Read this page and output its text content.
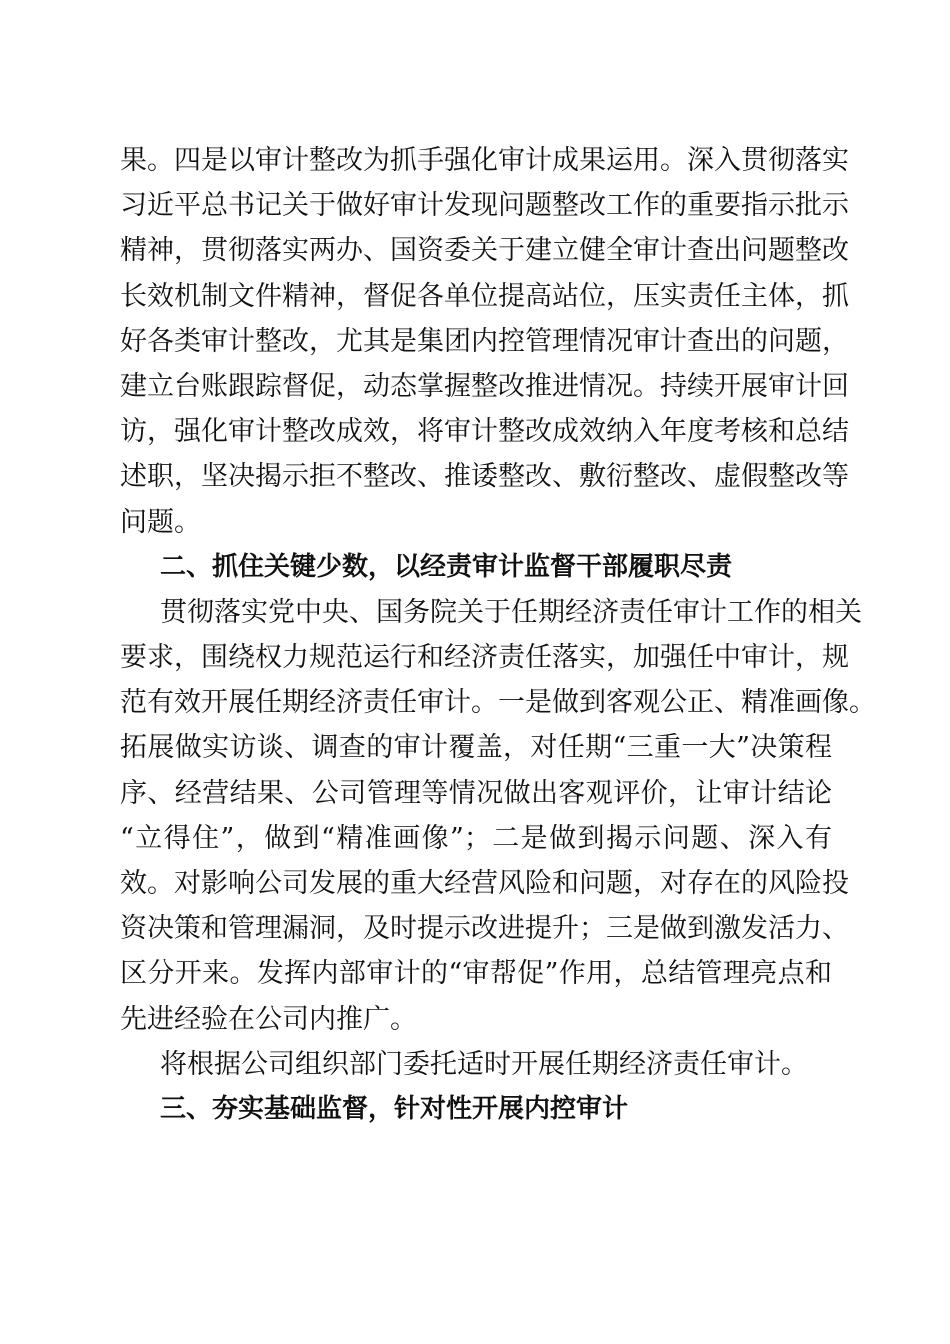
果。四是以审计整改为抓手强化审计成果运用。深入贯彻落实
习近平总书记关于做好审计发现问题整改工作的重要指示批示
精神，贯彻落实两办、国资委关于建立健全审计查出问题整改
长效机制文件精神，督促各单位提高站位，压实责任主体，抓
好各类审计整改，尤其是集团内控管理情况审计查出的问题，
建立台账跟踪督促，动态掌握整改推进情况。持续开展审计回
访，强化审计整改成效，将审计整改成效纳入年度考核和总结
述职，坚决揭示拒不整改、推诿整改、敷衍整改、虚假整改等
问题。
二、抓住关键少数，以经责审计监督干部履职尽责
贯彻落实党中央、国务院关于任期经济责任审计工作的相关
要求，围绕权力规范运行和经济责任落实，加强任中审计，规
范有效开展任期经济责任审计。一是做到客观公正、精准画像。
拓展做实访谈、调查的审计覆盖，对任期“三重一大”决策程
序、经营结果、公司管理等情况做出客观评价，让审计结论
“立得住”，做到“精准画像”；二是做到揭示问题、深入有
效。对影响公司发展的重大经营风险和问题，对存在的风险投
资决策和管理漏洞，及时提示改进提升；三是做到激发活力、
区分开来。发挥内部审计的“审帮促”作用，总结管理亮点和
先进经验在公司内推广。
将根据公司组织部门委托适时开展任期经济责任审计。
三、夯实基础监督，针对性开展内控审计
